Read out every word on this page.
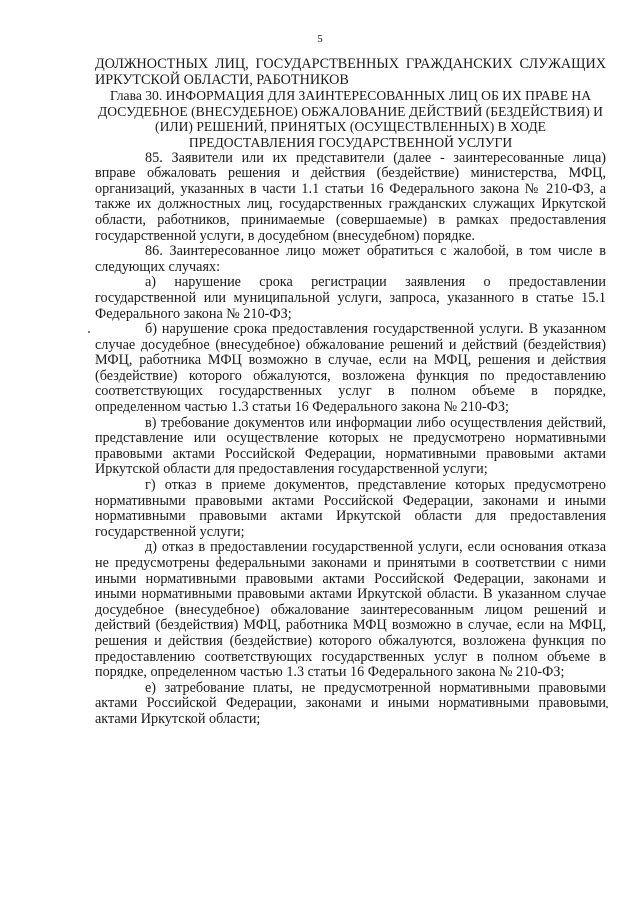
5

ДОЛЖНОСТНЫХ ЛИЦ, ГОСУДАРСТВЕННЫХ ГРАЖДАНСКИХ СЛУЖАЩИХ ИРКУТСКОЙ ОБЛАСТИ, РАБОТНИКОВ

Глава 30. ИНФОРМАЦИЯ ДЛЯ ЗАИНТЕРЕСОВАННЫХ ЛИЦ ОБ ИХ ПРАВЕ НА ДОСУДЕБНОЕ (ВНЕСУДЕБНОЕ) ОБЖАЛОВАНИЕ ДЕЙСТВИЙ (БЕЗДЕЙСТВИЯ) И (ИЛИ) РЕШЕНИЙ, ПРИНЯТЫХ (ОСУЩЕСТВЛЕННЫХ) В ХОДЕ ПРЕДОСТАВЛЕНИЯ ГОСУДАРСТВЕННОЙ УСЛУГИ

85. Заявители или их представители (далее - заинтересованные лица) вправе обжаловать решения и действия (бездействие) министерства, МФЦ, организаций, указанных в части 1.1 статьи 16 Федерального закона № 210-ФЗ, а также их должностных лиц, государственных гражданских служащих Иркутской области, работников, принимаемые (совершаемые) в рамках предоставления государственной услуги, в досудебном (внесудебном) порядке.

86. Заинтересованное лицо может обратиться с жалобой, в том числе в следующих случаях:

а) нарушение срока регистрации заявления о предоставлении государственной или муниципальной услуги, запроса, указанного в статье 15.1 Федерального закона № 210-ФЗ;

б) нарушение срока предоставления государственной услуги. В указанном случае досудебное (внесудебное) обжалование решений и действий (бездействия) МФЦ, работника МФЦ возможно в случае, если на МФЦ, решения и действия (бездействие) которого обжалуются, возложена функция по предоставлению соответствующих государственных услуг в полном объеме в порядке, определенном частью 1.3 статьи 16 Федерального закона № 210-ФЗ;

в) требование документов или информации либо осуществления действий, представление или осуществление которых не предусмотрено нормативными правовыми актами Российской Федерации, нормативными правовыми актами Иркутской области для предоставления государственной услуги;

г) отказ в приеме документов, представление которых предусмотрено нормативными правовыми актами Российской Федерации, законами и иными нормативными правовыми актами Иркутской области для предоставления государственной услуги;

д) отказ в предоставлении государственной услуги, если основания отказа не предусмотрены федеральными законами и принятыми в соответствии с ними иными нормативными правовыми актами Российской Федерации, законами и иными нормативными правовыми актами Иркутской области. В указанном случае досудебное (внесудебное) обжалование заинтересованным лицом решений и действий (бездействия) МФЦ, работника МФЦ возможно в случае, если на МФЦ, решения и действия (бездействие) которого обжалуются, возложена функция по предоставлению соответствующих государственных услуг в полном объеме в порядке, определенном частью 1.3 статьи 16 Федерального закона № 210-ФЗ;

е) затребование платы, не предусмотренной нормативными правовыми актами Российской Федерации, законами и иными нормативными правовыми актами Иркутской области;
